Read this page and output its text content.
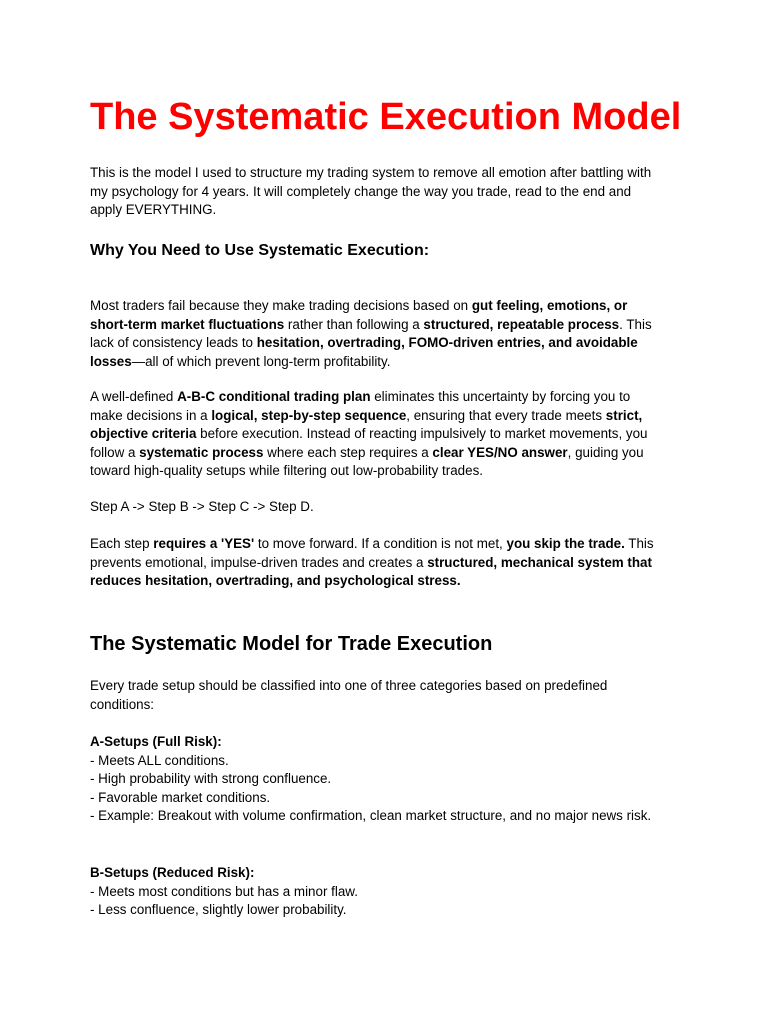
The Systematic Execution Model
This is the model I used to structure my trading system to remove all emotion after battling with
my psychology for 4 years. It will completely change the way you trade, read to the end and
apply EVERYTHING.
Why You Need to Use Systematic Execution:
Most traders fail because they make trading decisions based on gut feeling, emotions, or
short-term market fluctuations rather than following a structured, repeatable process. This
lack of consistency leads to hesitation, overtrading, FOMO-driven entries, and avoidable
losses—all of which prevent long-term profitability.
A well-defined A-B-C conditional trading plan eliminates this uncertainty by forcing you to
make decisions in a logical, step-by-step sequence, ensuring that every trade meets strict,
objective criteria before execution. Instead of reacting impulsively to market movements, you
follow a systematic process where each step requires a clear YES/NO answer, guiding you
toward high-quality setups while filtering out low-probability trades.
Step A -> Step B -> Step C -> Step D.
Each step requires a 'YES' to move forward. If a condition is not met, you skip the trade. This
prevents emotional, impulse-driven trades and creates a structured, mechanical system that
reduces hesitation, overtrading, and psychological stress.
The Systematic Model for Trade Execution
Every trade setup should be classified into one of three categories based on predefined
conditions:
A-Setups (Full Risk):
- Meets ALL conditions.
- High probability with strong confluence.
- Favorable market conditions.
- Example: Breakout with volume confirmation, clean market structure, and no major news risk.
B-Setups (Reduced Risk):
- Meets most conditions but has a minor flaw.
- Less confluence, slightly lower probability.
